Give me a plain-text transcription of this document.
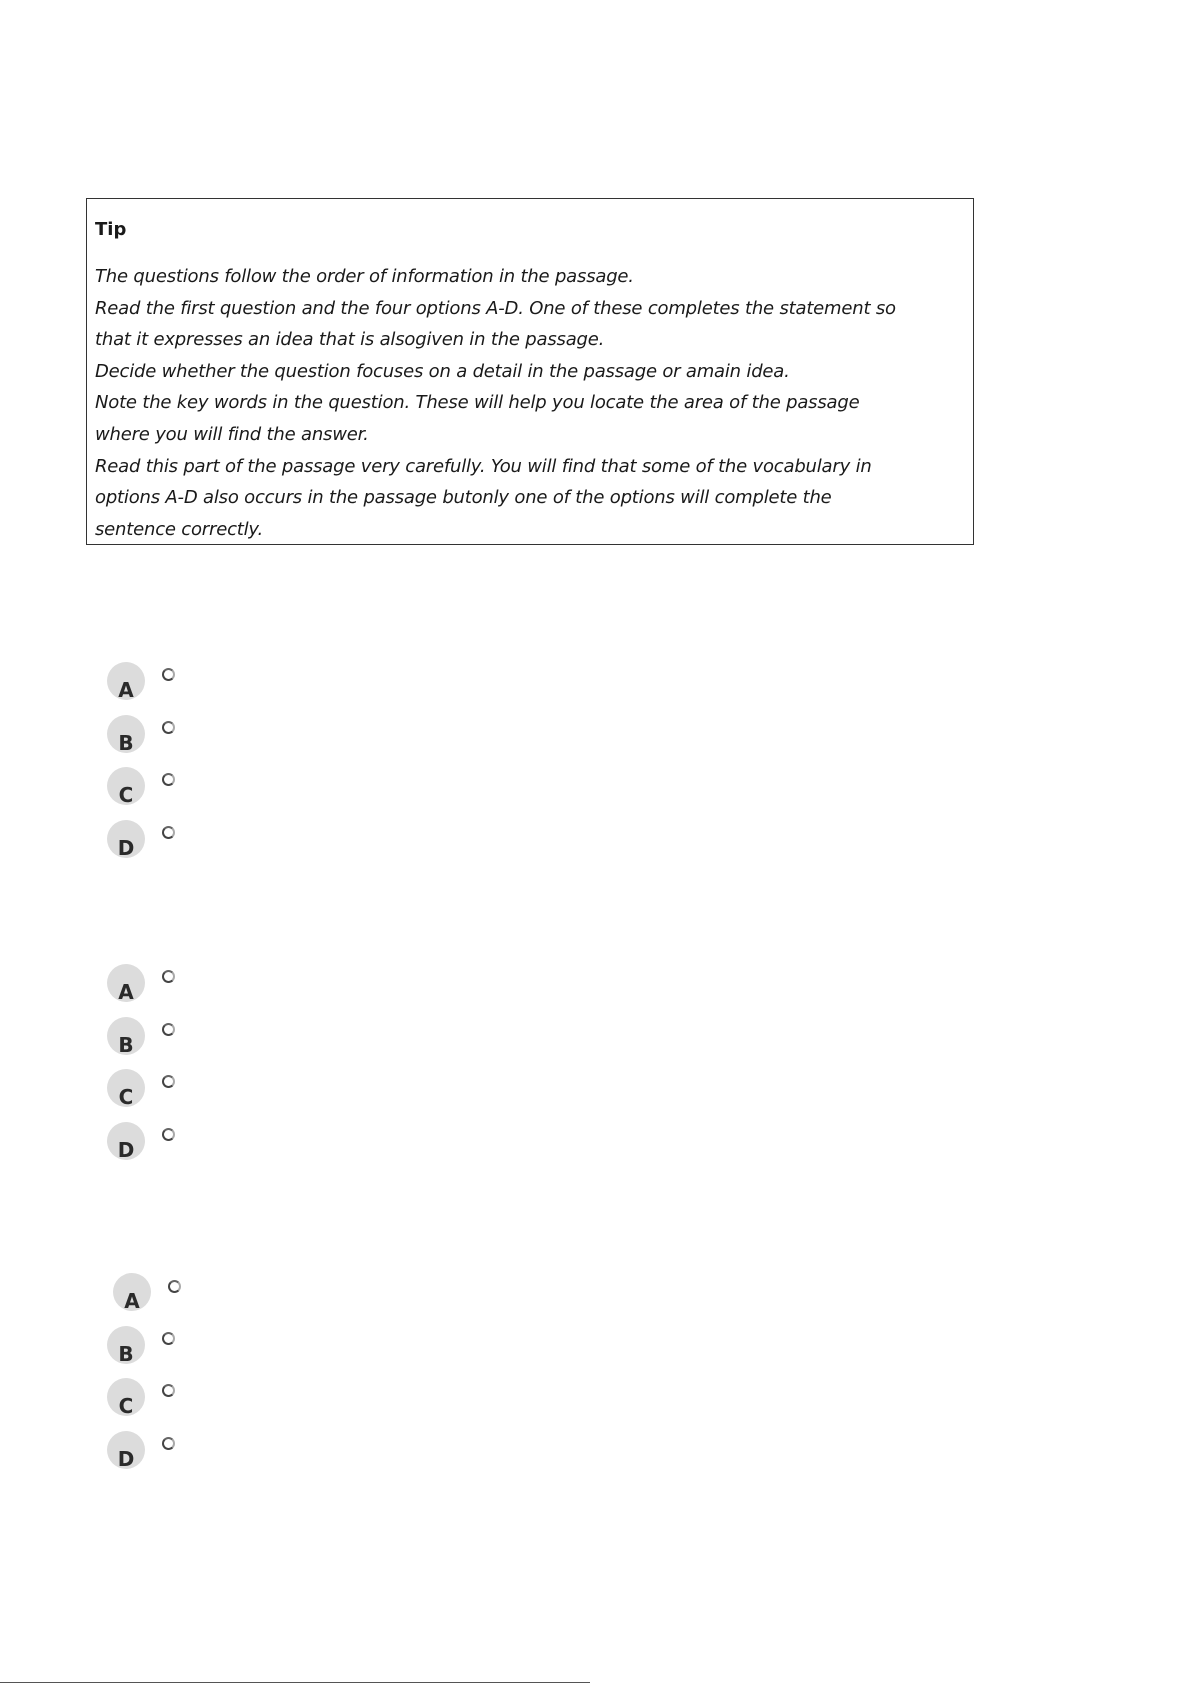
Tip

The questions follow the order of information in the passage.
Read the first question and the four options A-D. One of these completes the statement so
that it expresses an idea that is alsogiven in the passage.
Decide whether the question focuses on a detail in the passage or amain idea.
Note the key words in the question. These will help you locate the area of the passage
where you will find the answer.
Read this part of the passage very carefully. You will find that some of the vocabulary in
options A-D also occurs in the passage butonly one of the options will complete the
sentence correctly.

A
B
C
D
A
B
C
D
A
B
C
D
